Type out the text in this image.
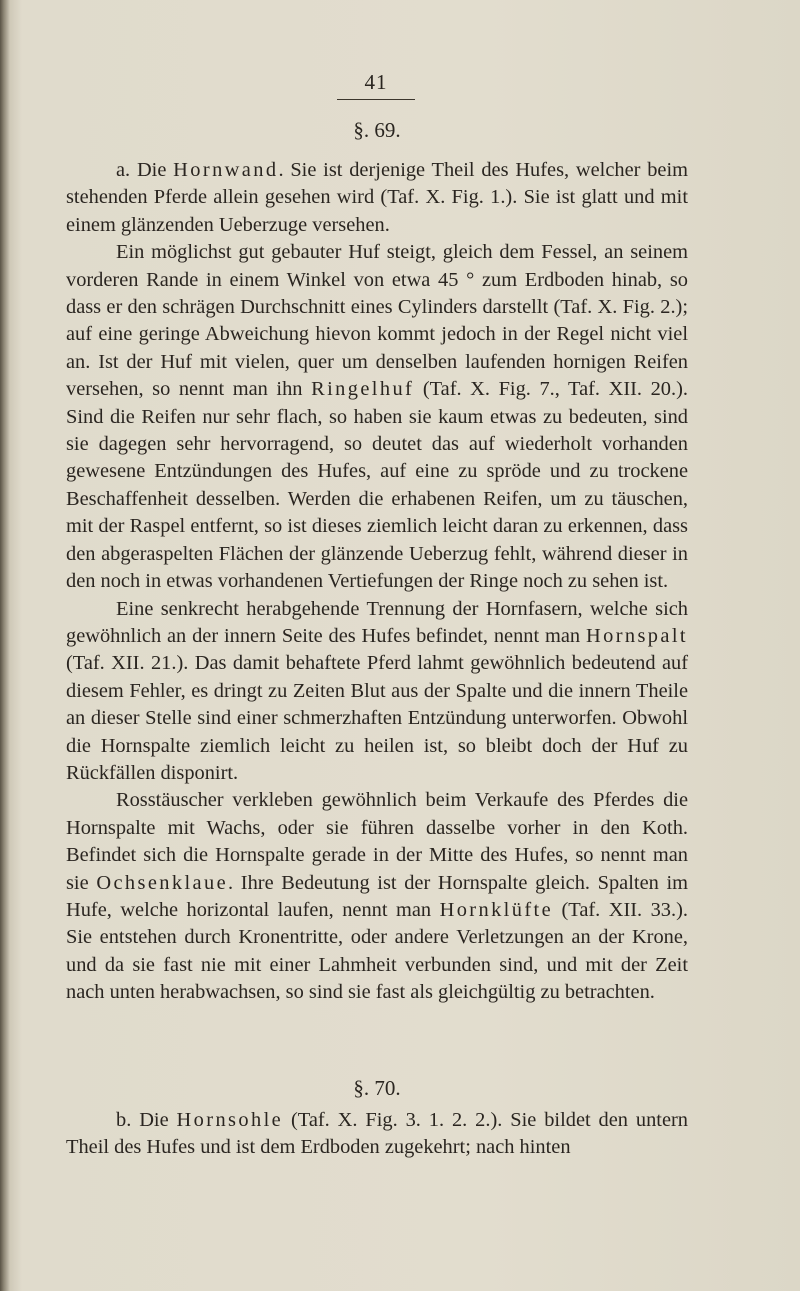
41
§. 69.

a. Die Hornwand. Sie ist derjenige Theil des Hufes, welcher beim stehenden Pferde allein gesehen wird (Taf. X. Fig. 1.). Sie ist glatt und mit einem glänzenden Ueberzuge versehen.

Ein möglichst gut gebauter Huf steigt, gleich dem Fessel, an seinem vorderen Rande in einem Winkel von etwa 45 ° zum Erdboden hinab, so dass er den schrägen Durchschnitt eines Cylinders darstellt (Taf. X. Fig. 2.); auf eine geringe Abweichung hievon kommt jedoch in der Regel nicht viel an. Ist der Huf mit vielen, quer um denselben laufenden hornigen Reifen versehen, so nennt man ihn Ringelhuf (Taf. X. Fig. 7., Taf. XII. 20.). Sind die Reifen nur sehr flach, so haben sie kaum etwas zu bedeuten, sind sie dagegen sehr hervorragend, so deutet das auf wiederholt vorhanden gewesene Entzündungen des Hufes, auf eine zu spröde und zu trockene Beschaffenheit desselben. Werden die erhabenen Reifen, um zu täuschen, mit der Raspel entfernt, so ist dieses ziemlich leicht daran zu erkennen, dass den abgeraspelten Flächen der glänzende Ueberzug fehlt, während dieser in den noch in etwas vorhandenen Vertiefungen der Ringe noch zu sehen ist.

Eine senkrecht herabgehende Trennung der Hornfasern, welche sich gewöhnlich an der innern Seite des Hufes befindet, nennt man Hornspalt (Taf. XII. 21.). Das damit behaftete Pferd lahmt gewöhnlich bedeutend auf diesem Fehler, es dringt zu Zeiten Blut aus der Spalte und die innern Theile an dieser Stelle sind einer schmerzhaften Entzündung unterworfen. Obwohl die Hornspalte ziemlich leicht zu heilen ist, so bleibt doch der Huf zu Rückfällen disponirt.

Rosstäuscher verkleben gewöhnlich beim Verkaufe des Pferdes die Hornspalte mit Wachs, oder sie führen dasselbe vorher in den Koth. Befindet sich die Hornspalte gerade in der Mitte des Hufes, so nennt man sie Ochsenklaue. Ihre Bedeutung ist der Hornspalte gleich. Spalten im Hufe, welche horizontal laufen, nennt man Hornklüfte (Taf. XII. 33.). Sie entstehen durch Kronentritte, oder andere Verletzungen an der Krone, und da sie fast nie mit einer Lahmheit verbunden sind, und mit der Zeit nach unten herabwachsen, so sind sie fast als gleichgültig zu betrachten.

§. 70.

b. Die Hornsohle (Taf. X. Fig. 3. 1. 2. 2.). Sie bildet den untern Theil des Hufes und ist dem Erdboden zugekehrt; nach hinten
